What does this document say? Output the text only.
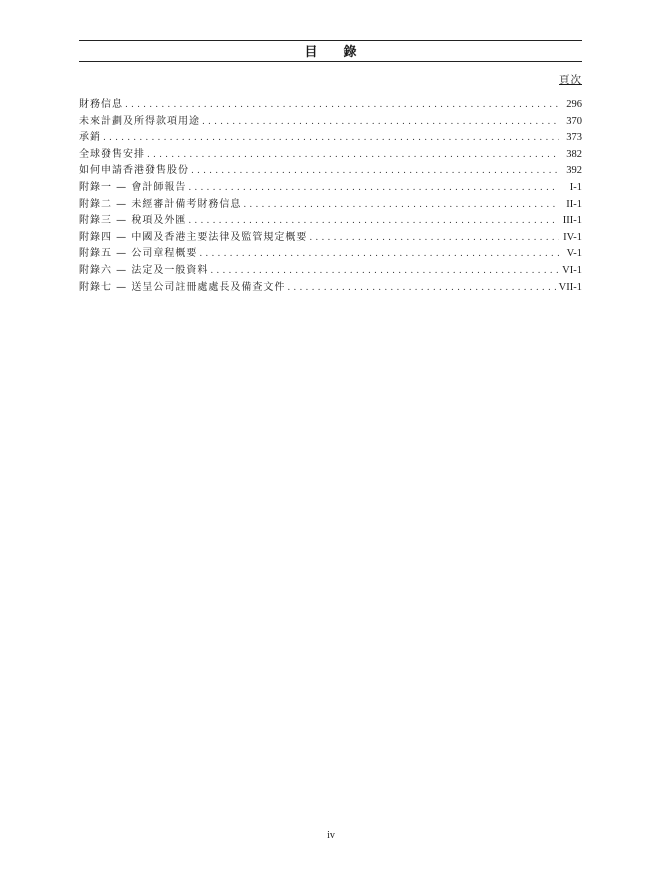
目錄
頁次
財務信息 .....	296
未來計劃及所得款項用途 .....	370
承銷 .....	373
全球發售安排 .....	382
如何申請香港發售股份 .....	392
附錄一 — 會計師報告 .....	I-1
附錄二 — 未經審計備考財務信息 .....	II-1
附錄三 — 稅項及外匯 .....	III-1
附錄四 — 中國及香港主要法律及監管規定概要 .....	IV-1
附錄五 — 公司章程概要 .....	V-1
附錄六 — 法定及一般資料 .....	VI-1
附錄七 — 送呈公司註冊處處長及備查文件 .....	VII-1
iv
